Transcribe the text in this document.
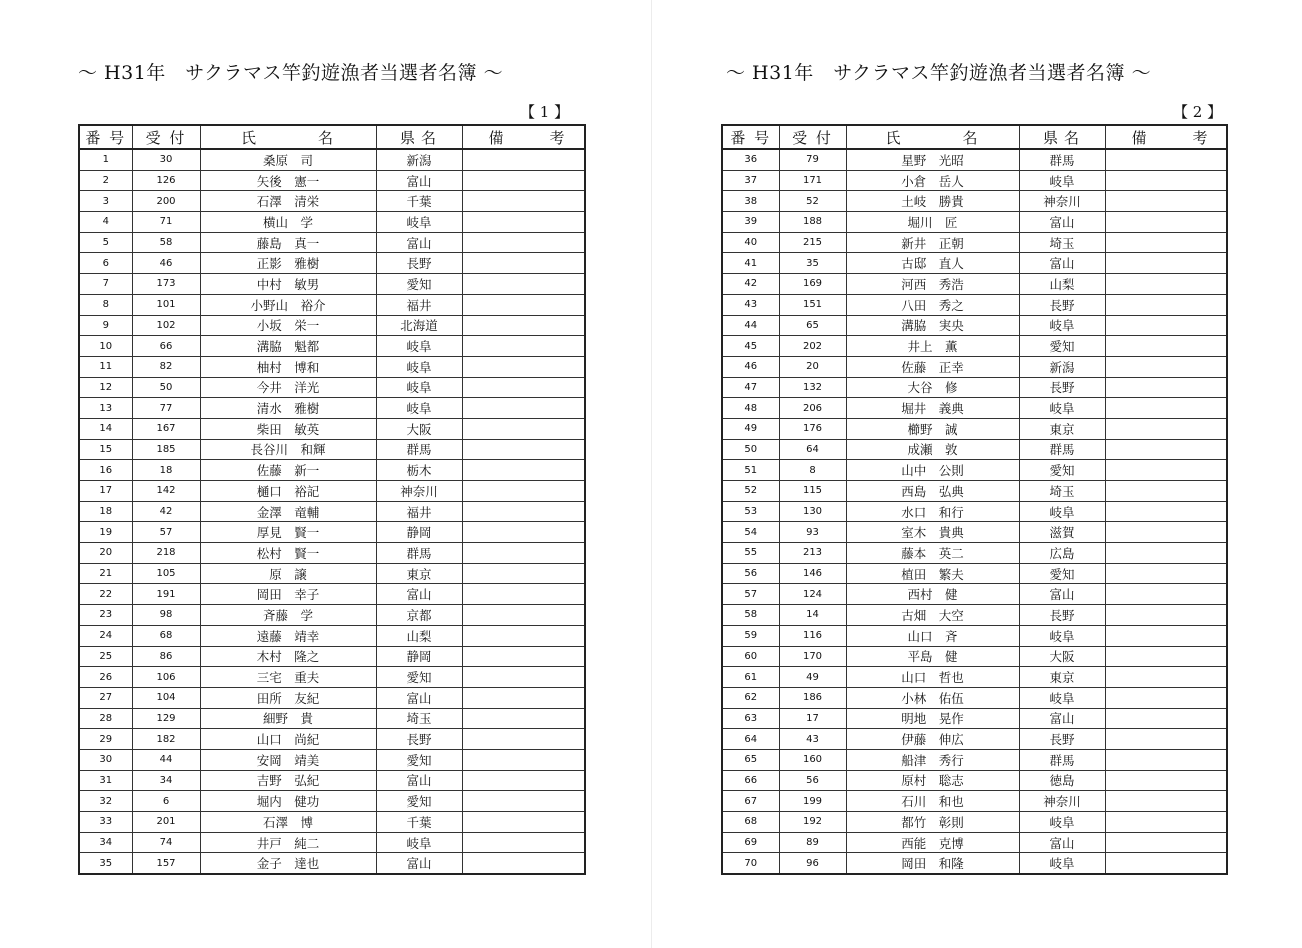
〜 H31年　サクラマス竿釣遊漁者当選者名簿 〜
【 1 】
番 号	受 付	氏 名	県 名	備 考
1	30	桑原　司	新潟	
2	126	矢後　憲一	富山	
3	200	石澤　清栄	千葉	
4	71	横山　学	岐阜	
5	58	藤島　真一	富山	
6	46	正影　雅樹	長野	
7	173	中村　敏男	愛知	
8	101	小野山　裕介	福井	
9	102	小坂　栄一	北海道	
10	66	溝脇　魁都	岐阜	
11	82	柚村　博和	岐阜	
12	50	今井　洋光	岐阜	
13	77	清水　雅樹	岐阜	
14	167	柴田　敏英	大阪	
15	185	長谷川　和輝	群馬	
16	18	佐藤　新一	栃木	
17	142	樋口　裕記	神奈川	
18	42	金澤　竜輔	福井	
19	57	厚見　賢一	静岡	
20	218	松村　賢一	群馬	
21	105	原　譲	東京	
22	191	岡田　幸子	富山	
23	98	斉藤　学	京都	
24	68	遠藤　靖幸	山梨	
25	86	木村　隆之	静岡	
26	106	三宅　重夫	愛知	
27	104	田所　友紀	富山	
28	129	細野　貴	埼玉	
29	182	山口　尚紀	長野	
30	44	安岡　靖美	愛知	
31	34	吉野　弘紀	富山	
32	6	堀内　健功	愛知	
33	201	石澤　博	千葉	
34	74	井戸　純二	岐阜	
35	157	金子　達也	富山	
〜 H31年　サクラマス竿釣遊漁者当選者名簿 〜
【 2 】
番 号	受 付	氏 名	県 名	備 考
36	79	星野　光昭	群馬	
37	171	小倉　岳人	岐阜	
38	52	土岐　勝貴	神奈川	
39	188	堀川　匠	富山	
40	215	新井　正朝	埼玉	
41	35	古邸　直人	富山	
42	169	河西　秀浩	山梨	
43	151	八田　秀之	長野	
44	65	溝脇　実央	岐阜	
45	202	井上　薫	愛知	
46	20	佐藤　正幸	新潟	
47	132	大谷　修	長野	
48	206	堀井　義典	岐阜	
49	176	櫛野　誠	東京	
50	64	成瀬　敦	群馬	
51	8	山中　公則	愛知	
52	115	西島　弘典	埼玉	
53	130	水口　和行	岐阜	
54	93	室木　貴典	滋賀	
55	213	藤本　英二	広島	
56	146	植田　繁夫	愛知	
57	124	西村　健	富山	
58	14	古畑　大空	長野	
59	116	山口　斉	岐阜	
60	170	平島　健	大阪	
61	49	山口　哲也	東京	
62	186	小林　佑伍	岐阜	
63	17	明地　晃作	富山	
64	43	伊藤　伸広	長野	
65	160	船津　秀行	群馬	
66	56	原村　聡志	徳島	
67	199	石川　和也	神奈川	
68	192	都竹　彰則	岐阜	
69	89	西能　克博	富山	
70	96	岡田　和隆	岐阜	
